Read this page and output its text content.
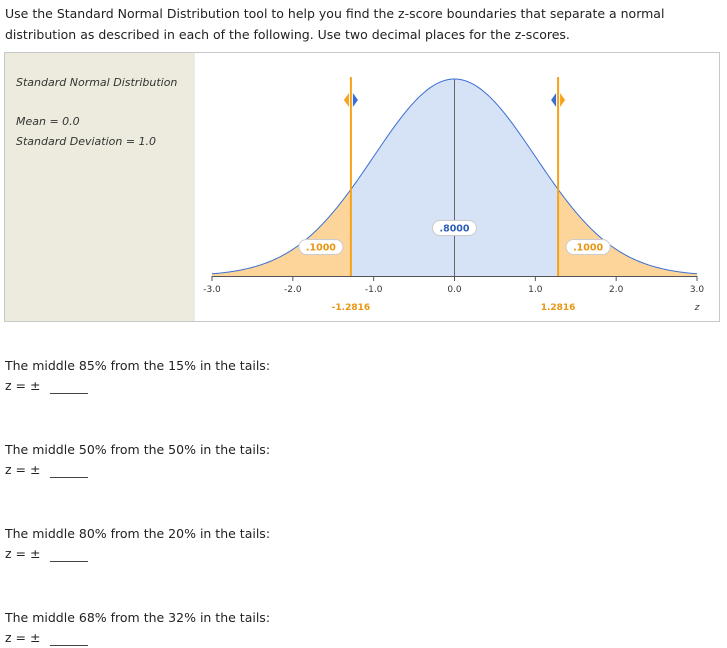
Use the Standard Normal Distribution tool to help you find the z-score boundaries that separate a normal distribution as described in each of the following. Use two decimal places for the z-scores.
Standard Normal Distribution
Mean = 0.0
Standard Deviation = 1.0
-3.0	-2.0	-1.0	0.0	1.0	2.0	3.0
z
-1.2816	1.2816
.1000
.8000
.1000
The middle 85% from the 15% in the tails:
z = ±
The middle 50% from the 50% in the tails:
z = ±
The middle 80% from the 20% in the tails:
z = ±
The middle 68% from the 32% in the tails:
z = ±
